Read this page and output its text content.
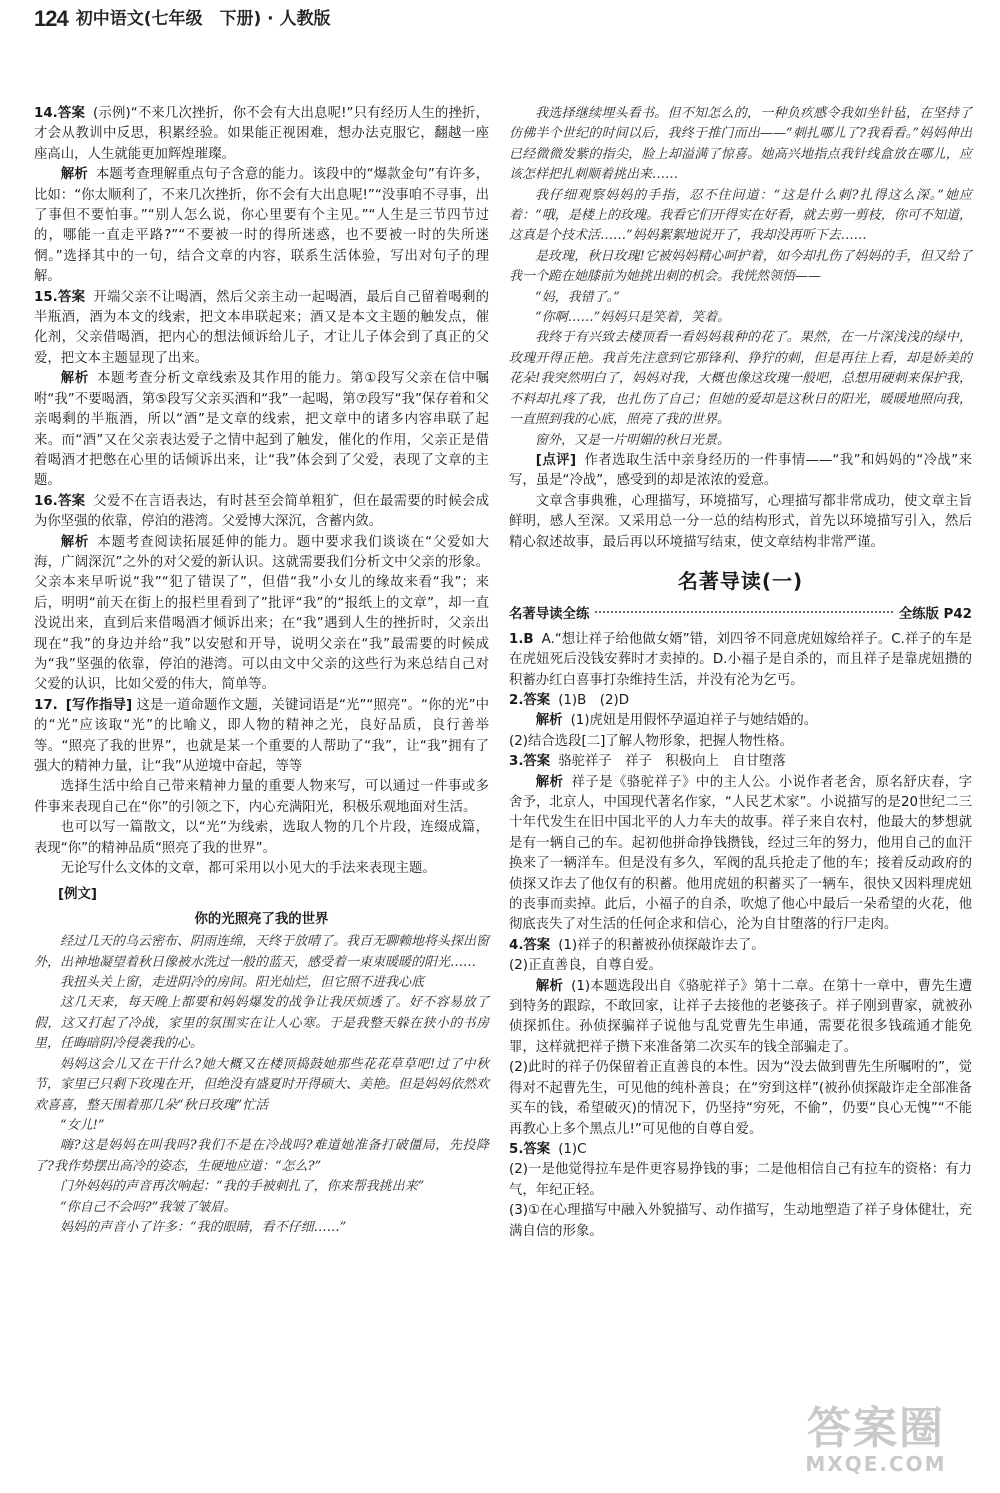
124 初中语文(七年级　下册) · 人教版

14.答案 (示例)“不来几次挫折，你不会有大出息呢!”只有经历人生的挫折，才会从教训中反思，积累经验。如果能正视困难，想办法克服它，翻越一座座高山，人生就能更加辉煌璀璨。

解析 本题考查理解重点句子含意的能力。该段中的“爆款金句”有许多，比如：“你太顺利了，不来几次挫折，你不会有大出息呢!”“没事咱不寻事，出了事但不要怕事。”“别人怎么说，你心里要有个主见。”“人生是三节四节过的，哪能一直走平路?”“不要被一时的得所迷惑，也不要被一时的失所迷惘。”选择其中的一句，结合文章的内容，联系生活体验，写出对句子的理解。

15.答案 开端父亲不让喝酒，然后父亲主动一起喝酒，最后自己留着喝剩的半瓶酒，酒为本文的线索，把文本串联起来；酒又是本文主题的触发点，催化剂，父亲借喝酒，把内心的想法倾诉给儿子，才让儿子体会到了真正的父爱，把文本主题显现了出来。

解析 本题考查分析文章线索及其作用的能力。第①段写父亲在信中嘱咐“我”不要喝酒，第⑤段写父亲买酒和“我”一起喝，第⑦段写“我”保存着和父亲喝剩的半瓶酒，所以“酒”是文章的线索，把文章中的诸多内容串联了起来。而“酒”又在父亲表达爱子之情中起到了触发，催化的作用，父亲正是借着喝酒才把憋在心里的话倾诉出来，让“我”体会到了父爱，表现了文章的主题。

16.答案 父爱不在言语表达，有时甚至会简单粗犷，但在最需要的时候会成为你坚强的依靠，停泊的港湾。父爱博大深沉，含蓄内敛。

解析 本题考查阅读拓展延伸的能力。题中要求我们谈谈在“父爱如大海，广阔深沉”之外的对父爱的新认识。这就需要我们分析文中父亲的形象。父亲本来早听说“我”“犯了错误了”，但借“我”小女儿的缘故来看“我”；来后，明明“前天在街上的报栏里看到了”批评“我”的“报纸上的文章”，却一直没说出来，直到后来借喝酒才倾诉出来；在“我”遇到人生的挫折时，父亲出现在“我”的身边并给“我”以安慰和开导，说明父亲在“我”最需要的时候成为“我”坚强的依靠，停泊的港湾。可以由文中父亲的这些行为来总结自己对父爱的认识，比如父爱的伟大，简单等。

17. [写作指导] 这是一道命题作文题，关键词语是“光”“照亮”。“你的光”中的“光”应该取“光”的比喻义，即人物的精神之光，良好品质，良行善举等。“照亮了我的世界”，也就是某一个重要的人帮助了“我”，让“我”拥有了强大的精神力量，让“我”从逆境中奋起，等等

选择生活中给自己带来精神力量的重要人物来写，可以通过一件事或多件事来表现自己在“你”的引领之下，内心充满阳光，积极乐观地面对生活。

也可以写一篇散文，以“光”为线索，选取人物的几个片段，连缀成篇，表现“你”的精神品质“照亮了我的世界”。

无论写什么文体的文章，都可采用以小见大的手法来表现主题。

[例文]
你的光照亮了我的世界

经过几天的乌云密布、阴雨连绵，天终于放晴了。我百无聊赖地将头探出窗外，出神地凝望着秋日像被水洗过一般的蓝天，感受着一束束暖暖的阳光……

我扭头关上窗，走进阴冷的房间。阳光灿烂，但它照不进我心底

这几天来，每天晚上都要和妈妈爆发的战争让我厌烦透了。好不容易放了假，这又打起了冷战，家里的氛围实在让人心寒。于是我整天躲在狭小的书房里，任晦暗阴冷侵袭我的心。

妈妈这会儿又在干什么?她大概又在楼顶捣鼓她那些花花草草吧!过了中秋节，家里已只剩下玫瑰在开，但绝没有盛夏时开得硕大、美艳。但是妈妈依然欢欢喜喜，整天围着那几朵“秋日玫瑰”忙活

“女儿!”

嗨?这是妈妈在叫我吗?我们不是在冷战吗?难道她准备打破僵局，先投降了?我作势摆出高冷的姿态，生硬地应道：“怎么?”

门外妈妈的声音再次响起：“我的手被刺扎了，你来帮我挑出来”

“你自己不会吗?”我皱了皱眉。

妈妈的声音小了许多：“我的眼睛，看不仔细……”

我选择继续埋头看书。但不知怎么的，一种负疚感令我如坐针毡，在坚持了仿佛半个世纪的时间以后，我终于推门而出——“刺扎哪儿了?我看看。”妈妈伸出已经微微发紫的指尖，脸上却溢满了惊喜。她高兴地指点我针线盒放在哪儿，应该怎样把扎刺顺着挑出来……

我仔细观察妈妈的手指，忍不住问道：“这是什么刺?扎得这么深。”她应着：“哦，是楼上的玫瑰。我看它们开得实在好看，就去剪一剪枝，你可不知道，这真是个技术活……”妈妈絮絮地说开了，我却没再听下去……

是玫瑰，秋日玫瑰!它被妈妈精心呵护着，如今却扎伤了妈妈的手，但又给了我一个跪在她膝前为她挑出刺的机会。我恍然领悟——

“妈，我错了。”

“你啊……”妈妈只是笑着，笑着。

我终于有兴致去楼顶看一看妈妈栽种的花了。果然，在一片深浅浅的绿中，玫瑰开得正艳。我首先注意到它那锋利、狰狞的刺，但是再往上看，却是娇美的花朵!我突然明白了，妈妈对我，大概也像这玫瑰一般吧，总想用硬刺来保护我，不料却扎疼了我，也扎伤了自己；但她的爱却是这秋日的阳光，暖暖地照向我，一直照到我的心底，照亮了我的世界。

窗外，又是一片明媚的秋日光景。

[点评] 作者选取生活中亲身经历的一件事情——“我”和妈妈的“冷战”来写，虽是“冷战”，感受到的却是浓浓的爱意。

文章含事典雅，心理描写，环境描写，心理描写都非常成功，使文章主旨鲜明，感人至深。又采用总一分一总的结构形式，首先以环境描写引入，然后精心叙述故事，最后再以环境描写结束，使文章结构非常严谨。

名著导读(一)
名著导读全练	全练版 P42

1.B A.“想让祥子给他做女婿”错，刘四爷不同意虎妞嫁给祥子。C.祥子的车是在虎妞死后没钱安葬时才卖掉的。D.小福子是自杀的，而且祥子是靠虎妞攒的积蓄办红白喜事打杂维持生活，并没有沦为乞丐。

2.答案 (1)B　(2)D

解析 (1)虎妞是用假怀孕逼迫祥子与她结婚的。

(2)结合选段[二]了解人物形象，把握人物性格。

3.答案 骆驼祥子　祥子　积极向上　自甘堕落

解析 祥子是《骆驼祥子》中的主人公。小说作者老舍，原名舒庆春，字舍予，北京人，中国现代著名作家，“人民艺术家”。小说描写的是20世纪二三十年代发生在旧中国北平的人力车夫的故事。祥子来自农村，他最大的梦想就是有一辆自己的车。起初他拼命挣钱攒钱，经过三年的努力，他用自己的血汗换来了一辆洋车。但是没有多久，军阀的乱兵抢走了他的车；接着反动政府的侦探又诈去了他仅有的积蓄。他用虎妞的积蓄买了一辆车，很快又因料理虎妞的丧事而卖掉。此后，小福子的自杀，吹熄了他心中最后一朵希望的火花，他彻底丧失了对生活的任何企求和信心，沦为自甘堕落的行尸走肉。

4.答案 (1)祥子的积蓄被孙侦探敲诈去了。

(2)正直善良，自尊自爱。

解析 (1)本题选段出自《骆驼祥子》第十二章。在第十一章中，曹先生遭到特务的跟踪，不敢回家，让祥子去接他的老婆孩子。祥子刚到曹家，就被孙侦探抓住。孙侦探骗祥子说他与乱党曹先生串通，需要花很多钱疏通才能免罪，这样就把祥子攒下来准备第二次买车的钱全部骗走了。

(2)此时的祥子仍保留着正直善良的本性。因为“没去做到曹先生所嘱咐的”，觉得对不起曹先生，可见他的纯朴善良；在“穷到这样”(被孙侦探敲诈走全部准备买车的钱，希望破灭)的情况下，仍坚持“穷死，不偷”，仍要“良心无愧”“不能再教心上多个黑点儿!”可见他的自尊自爱。

5.答案 (1)C

(2)一是他觉得拉车是件更容易挣钱的事；二是他相信自己有拉车的资格：有力气，年纪正轻。

(3)①在心理描写中融入外貌描写、动作描写，生动地塑造了祥子身体健壮，充满自信的形象。

答案圈
MXQE.COM
